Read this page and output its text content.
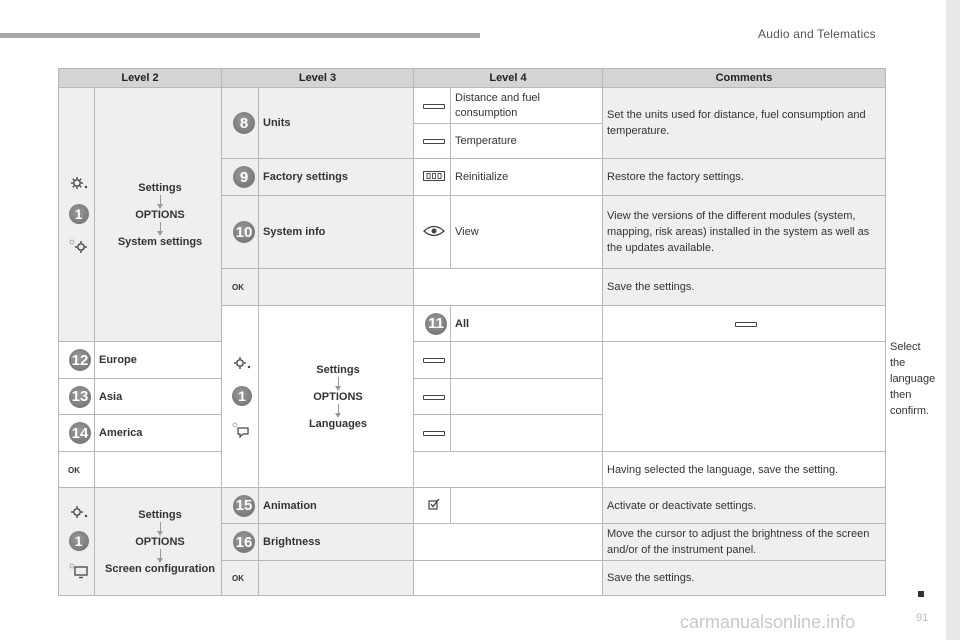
Audio and Telematics
91
carmanualsonline.info
Level 2		Level 3		Level 4		Comments	

1	Settings
OPTIONS
System settings		8 Units		Distance and fuel consumption	Set the units used for distance, fuel consumption and temperature.	
					Temperature		

9 Factory settings		Reinitialize	Restore the factory settings.	

10 System info		View	View the versions of the different modules (system, mapping, risk areas) installed in the system as well as the updates available.	
			OK			Save the settings.	

1	Settings
OPTIONS
Languages		11 All			Select the language then confirm.

12 Europe						

13 Asia						

14 America						

	OK					Having selected the language, save the setting.	

1	Settings
OPTIONS
Screen configuration		15 Animation			Activate or deactivate settings.	

16 Brightness			Move the cursor to adjust the brightness of the screen and/or of the instrument panel.	
			OK			Save the settings.	
